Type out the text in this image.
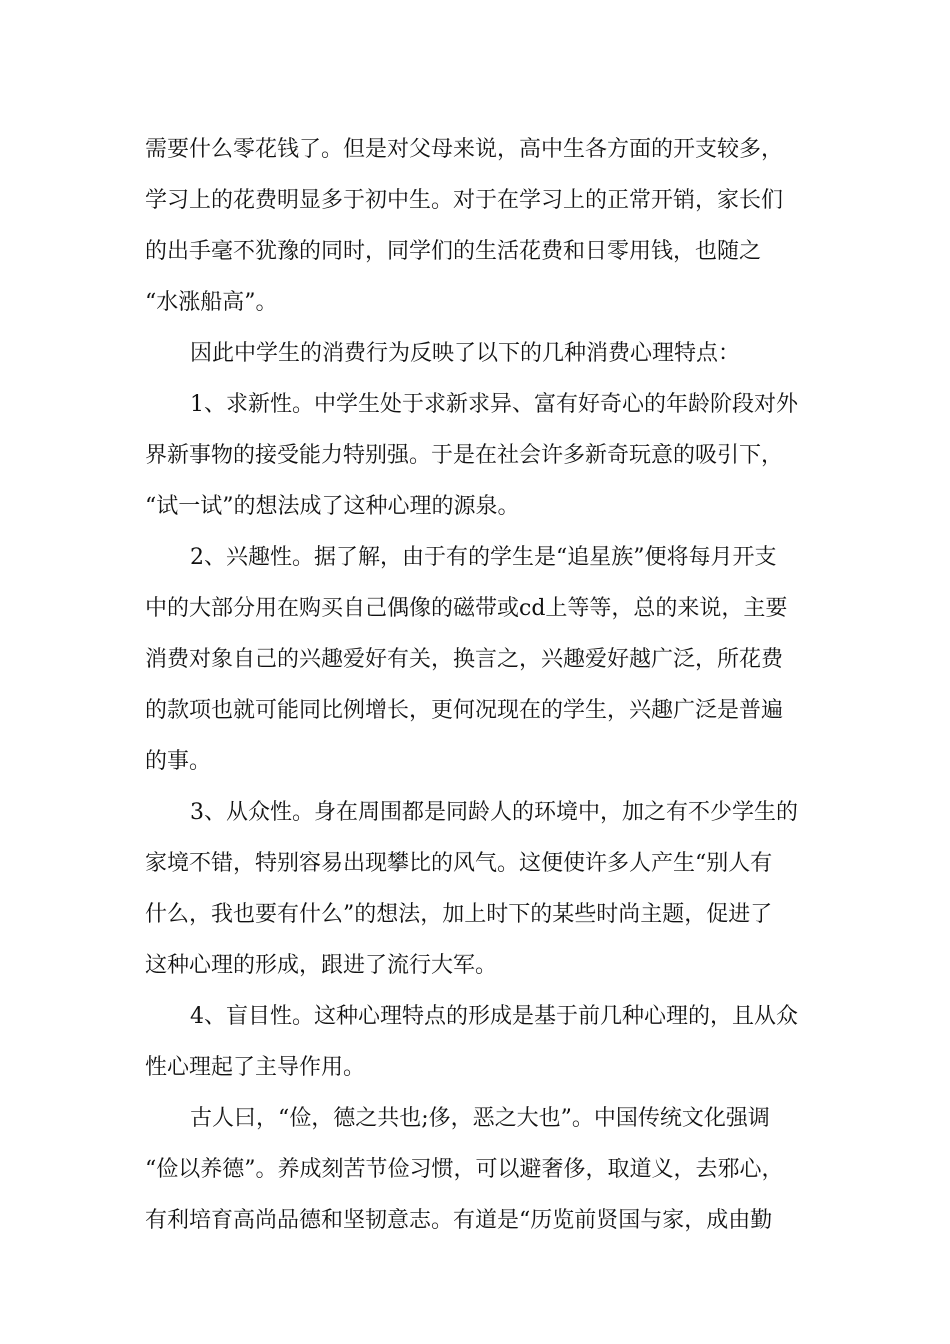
需要什么零花钱了。但是对父母来说，高中生各方面的开支较多，
学习上的花费明显多于初中生。对于在学习上的正常开销，家长们
的出手毫不犹豫的同时，同学们的生活花费和日零用钱，也随之
“水涨船高”。
因此中学生的消费行为反映了以下的几种消费心理特点：
1、求新性。中学生处于求新求异、富有好奇心的年龄阶段对外
界新事物的接受能力特别强。于是在社会许多新奇玩意的吸引下，
“试一试”的想法成了这种心理的源泉。
2、兴趣性。据了解，由于有的学生是“追星族”便将每月开支
中的大部分用在购买自己偶像的磁带或cd上等等，总的来说，主要
消费对象自己的兴趣爱好有关，换言之，兴趣爱好越广泛，所花费
的款项也就可能同比例增长，更何况现在的学生，兴趣广泛是普遍
的事。
3、从众性。身在周围都是同龄人的环境中，加之有不少学生的
家境不错，特别容易出现攀比的风气。这便使许多人产生“别人有
什么，我也要有什么”的想法，加上时下的某些时尚主题，促进了
这种心理的形成，跟进了流行大军。
4、盲目性。这种心理特点的形成是基于前几种心理的，且从众
性心理起了主导作用。
古人曰，“俭，德之共也;侈，恶之大也”。中国传统文化强调
“俭以养德”。养成刻苦节俭习惯，可以避奢侈，取道义，去邪心，
有利培育高尚品德和坚韧意志。有道是“历览前贤国与家，成由勤
